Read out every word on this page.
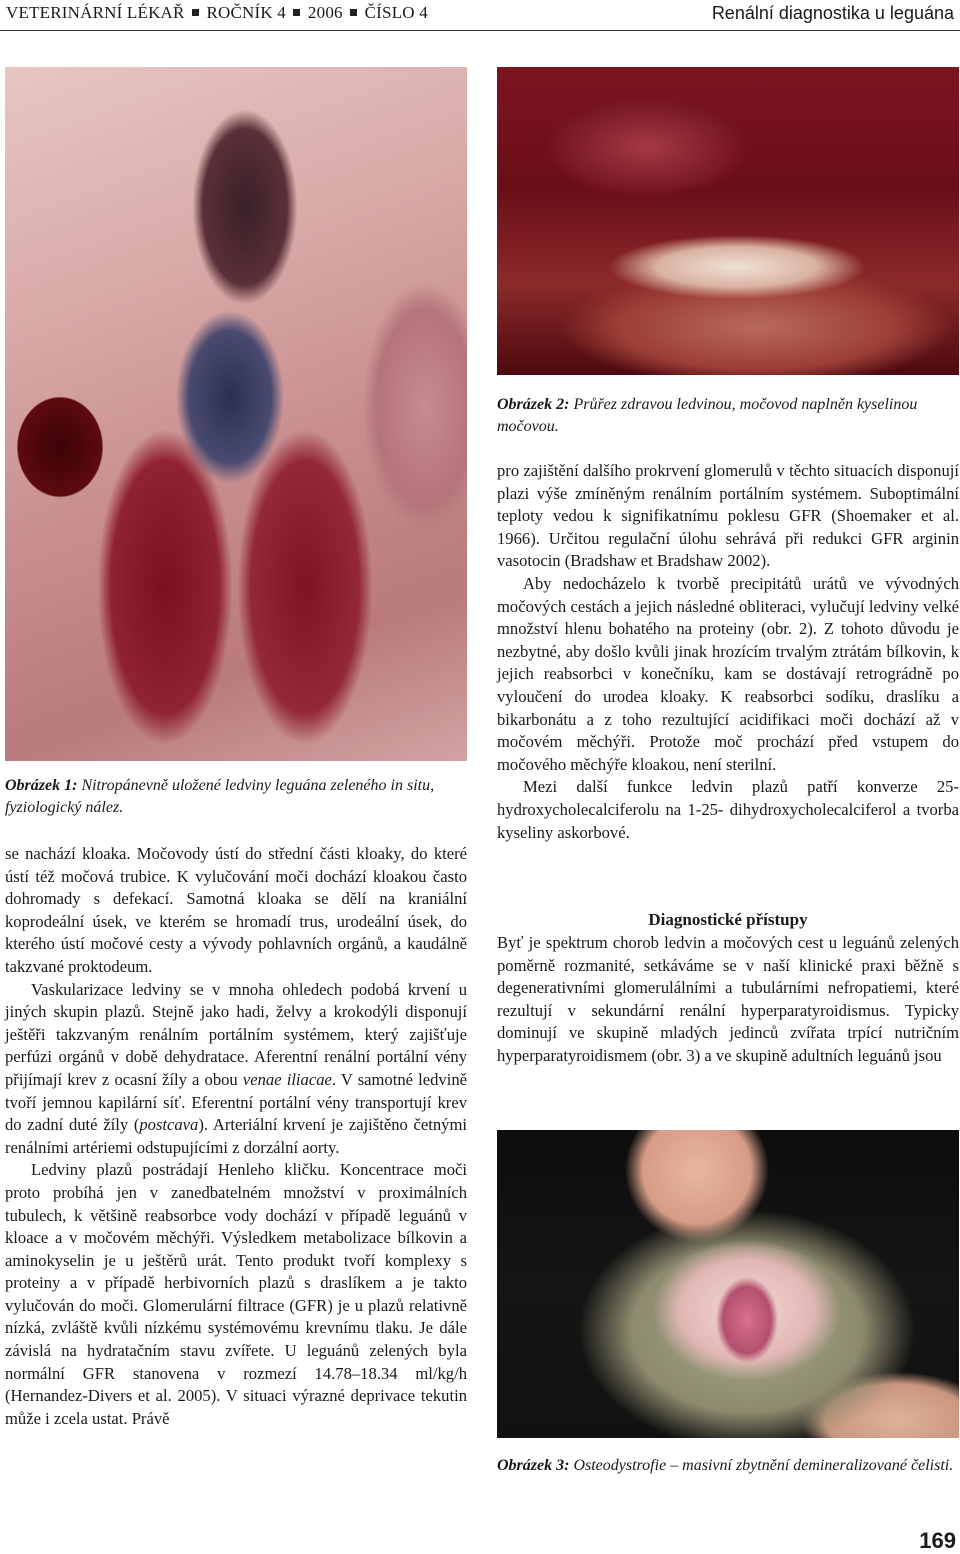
VETERINÁRNÍ LÉKAŘ ROČNÍK 4 2006 ČÍSLO 4	Renální diagnostika u leguána
Obrázek 2: Průřez zdravou ledvinou, močovod naplněn kyselinou močovou.
Obrázek 1: Nitropánevně uložené ledviny leguána zeleného in situ, fyziologický nález.
Obrázek 3: Osteodystrofie – masivní zbytnění demineralizované čelisti.

se nachází kloaka. Močovody ústí do střední části kloaky, do které ústí též močová trubice. K vylučování moči dochází kloakou často dohromady s defekací. Samotná kloaka se dělí na kraniální koprodeální úsek, ve kterém se hromadí trus, urodeální úsek, do kterého ústí močové cesty a vývody pohlavních orgánů, a kaudálně takzvané proktodeum.

Vaskularizace ledviny se v mnoha ohledech podobá krvení u jiných skupin plazů. Stejně jako hadi, želvy a krokodýli disponují ještěři takzvaným renálním portálním systémem, který zajišťuje perfúzi orgánů v době dehydratace. Aferentní renální portální vény přijímají krev z ocasní žíly a obou venae iliacae. V samotné ledvině tvoří jemnou kapilární síť. Eferentní portální vény transportují krev do zadní duté žíly (postcava). Arteriální krvení je zajištěno četnými renálními artériemi odstupujícími z dorzální aorty.

Ledviny plazů postrádají Henleho kličku. Koncentrace moči proto probíhá jen v zanedbatelném množství v proximálních tubulech, k většině reabsorbce vody dochází v případě leguánů v kloace a v močovém měchýři. Výsledkem metabolizace bílkovin a aminokyselin je u ještěrů urát. Tento produkt tvoří komplexy s proteiny a v případě herbivorních plazů s draslíkem a je takto vylučován do moči. Glomerulární filtrace (GFR) je u plazů relativně nízká, zvláště kvůli nízkému systémovému krevnímu tlaku. Je dále závislá na hydratačním stavu zvířete. U leguánů zelených byla normální GFR stanovena v rozmezí 14.78–18.34 ml/kg/h (Hernandez-Divers et al. 2005). V situaci výrazné deprivace tekutin může i zcela ustat. Právě

pro zajištění dalšího prokrvení glomerulů v těchto situacích disponují plazi výše zmíněným renálním portálním systémem. Suboptimální teploty vedou k signifikatnímu poklesu GFR (Shoemaker et al. 1966). Určitou regulační úlohu sehrává při redukci GFR arginin vasotocin (Bradshaw et Bradshaw 2002).

Aby nedocházelo k tvorbě precipitátů urátů ve vývodných močových cestách a jejich následné obliteraci, vylučují ledviny velké množství hlenu bohatého na proteiny (obr. 2). Z tohoto důvodu je nezbytné, aby došlo kvůli jinak hrozícím trvalým ztrátám bílkovin, k jejich reabsorbci v konečníku, kam se dostávají retrográdně po vyloučení do urodea kloaky. K reabsorbci sodíku, draslíku a bikarbonátu a z toho rezultující acidifikaci moči dochází až v močovém měchýři. Protože moč prochází před vstupem do močového měchýře kloakou, není sterilní.

Mezi další funkce ledvin plazů patří konverze 25-hydroxycholecalciferolu na 1-25- dihydroxycholecalciferol a tvorba kyseliny askorbové.

Diagnostické přístupy

Byť je spektrum chorob ledvin a močových cest u leguánů zelených poměrně rozmanité, setkáváme se v naší klinické praxi běžně s degenerativními glomerulálními a tubulárními nefropatiemi, které rezultují v sekundární renální hyperparatyroidismus. Typicky dominují ve skupině mladých jedinců zvířata trpící nutričním hyperparatyroidismem (obr. 3) a ve skupině adultních leguánů jsou

169
